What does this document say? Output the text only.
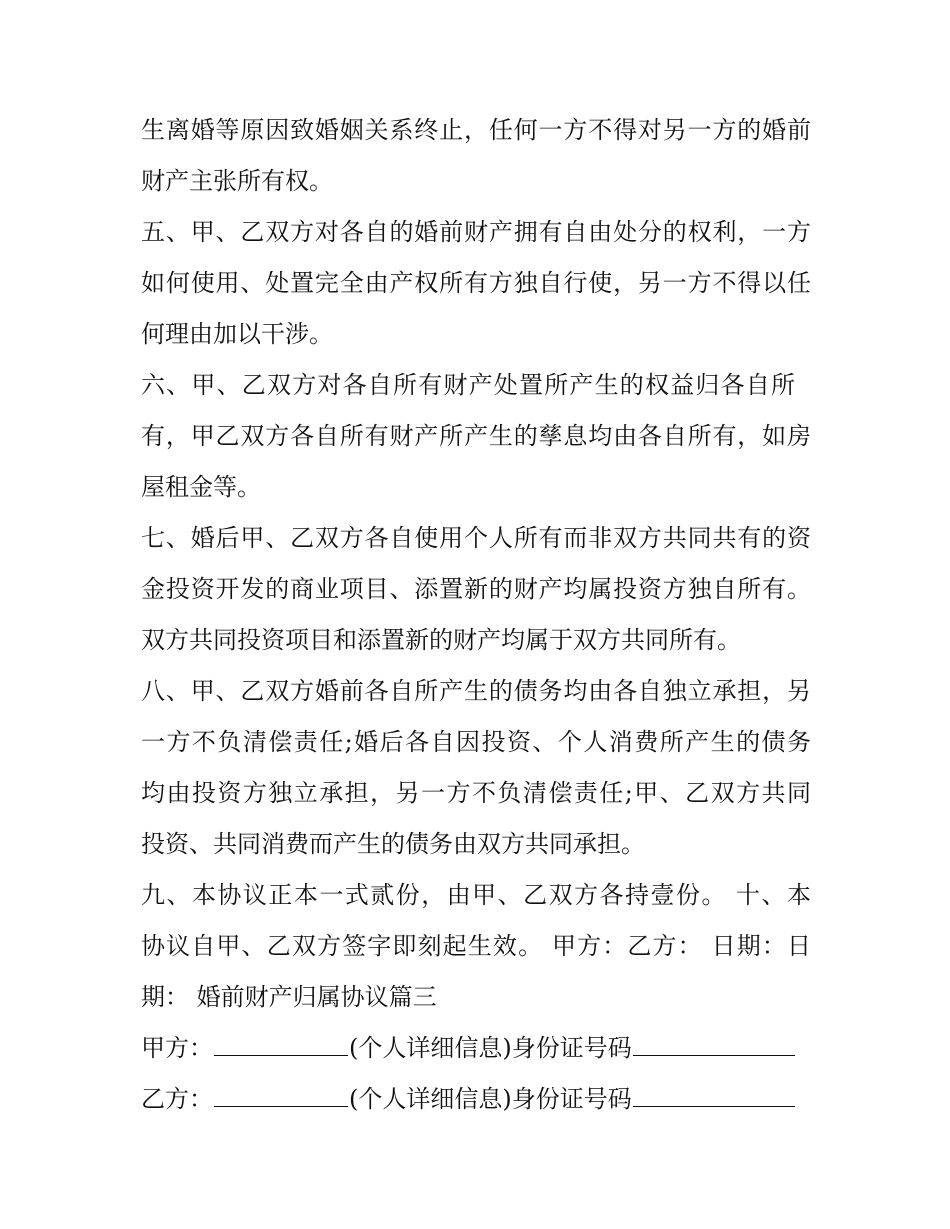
生离婚等原因致婚姻关系终止，任何一方不得对另一方的婚前

财产主张所有权。

五、甲、乙双方对各自的婚前财产拥有自由处分的权利，一方

如何使用、处置完全由产权所有方独自行使，另一方不得以任

何理由加以干涉。

六、甲、乙双方对各自所有财产处置所产生的权益归各自所

有，甲乙双方各自所有财产所产生的孳息均由各自所有，如房

屋租金等。

七、婚后甲、乙双方各自使用个人所有而非双方共同共有的资

金投资开发的商业项目、添置新的财产均属投资方独自所有。

双方共同投资项目和添置新的财产均属于双方共同所有。

八、甲、乙双方婚前各自所产生的债务均由各自独立承担，另

一方不负清偿责任;婚后各自因投资、个人消费所产生的债务

均由投资方独立承担，另一方不负清偿责任;甲、乙双方共同

投资、共同消费而产生的债务由双方共同承担。

九、本协议正本一式贰份，由甲、乙双方各持壹份。 十、本

协议自甲、乙双方签字即刻起生效。 甲方：乙方： 日期：日

期： 婚前财产归属协议篇三

甲方：	(个人详细信息)身份证号码

乙方：	(个人详细信息)身份证号码
